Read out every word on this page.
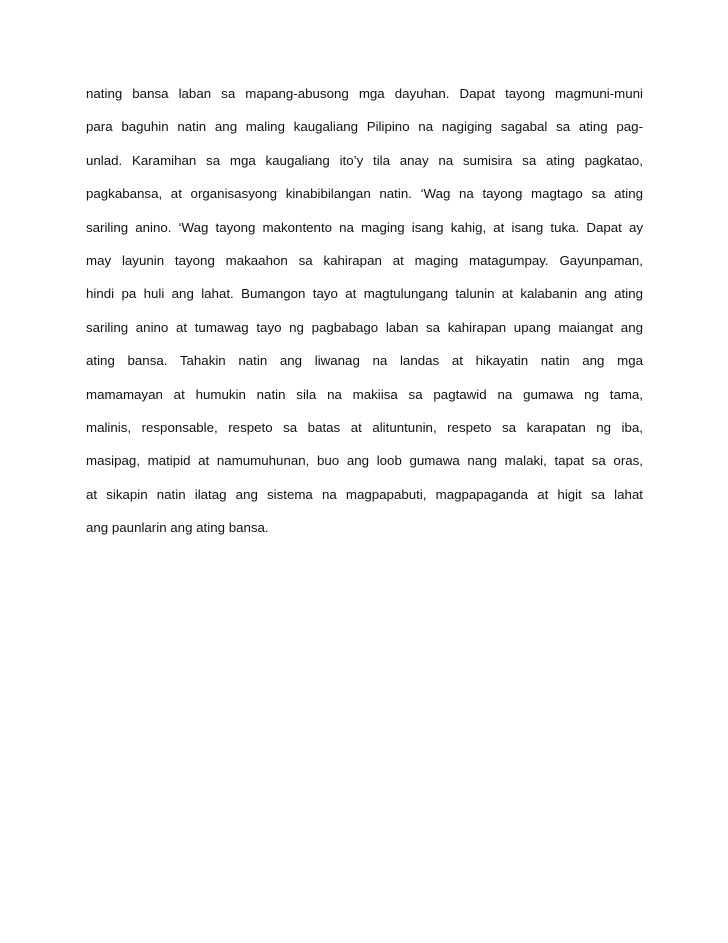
nating bansa laban sa mapang-abusong mga dayuhan. Dapat tayong magmuni-muni
para baguhin natin ang maling kaugaliang Pilipino na nagiging sagabal sa ating pag-
unlad. Karamihan sa mga kaugaliang ito’y tila anay na sumisira sa ating pagkatao,
pagkabansa, at organisasyong kinabibilangan natin. ‘Wag na tayong magtago sa ating
sariling anino. ‘Wag tayong makontento na maging isang kahig, at isang tuka. Dapat ay
may layunin tayong makaahon sa kahirapan at maging matagumpay. Gayunpaman,
hindi pa huli ang lahat. Bumangon tayo at magtulungang talunin at kalabanin ang ating
sariling anino at tumawag tayo ng pagbabago laban sa kahirapan upang maiangat ang
ating bansa. Tahakin natin ang liwanag na landas at hikayatin natin ang mga
mamamayan at humukin natin sila na makiisa sa pagtawid na gumawa ng tama,
malinis, responsable, respeto sa batas at alituntunin, respeto sa karapatan ng iba,
masipag, matipid at namumuhunan, buo ang loob gumawa nang malaki, tapat sa oras,
at sikapin natin ilatag ang sistema na magpapabuti, magpapaganda at higit sa lahat
ang paunlarin ang ating bansa.
